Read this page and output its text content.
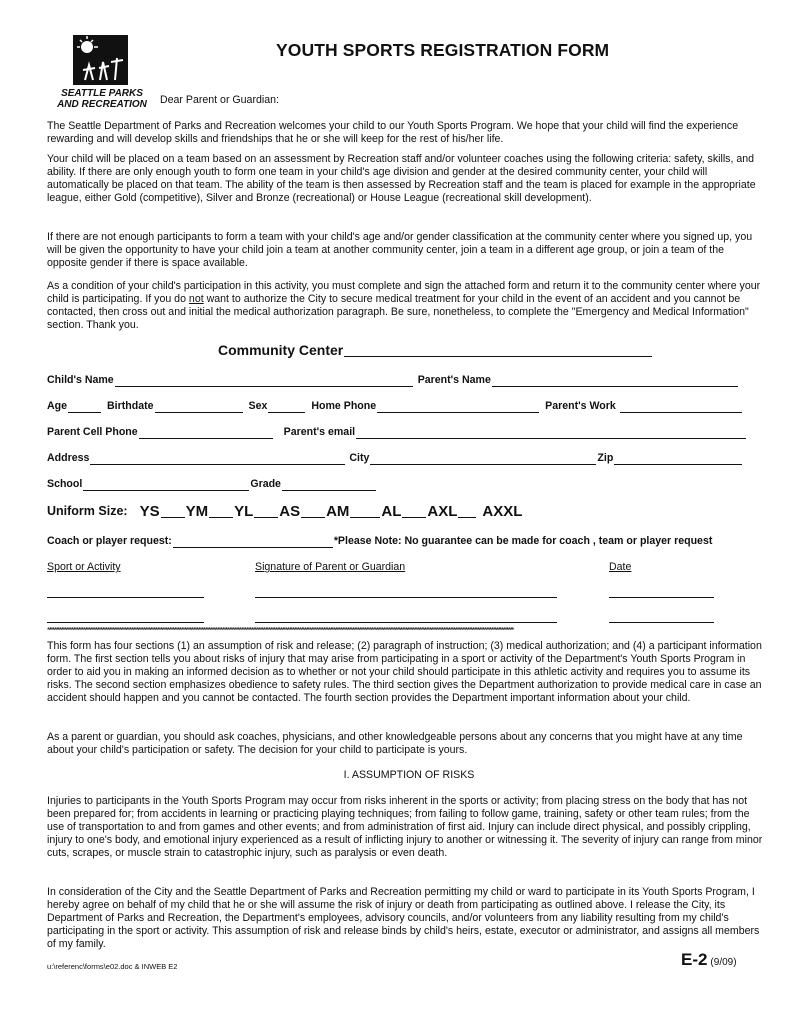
SEATTLE PARKS
AND RECREATION
YOUTH SPORTS REGISTRATION FORM
Dear Parent or Guardian:
The Seattle Department of Parks and Recreation welcomes your child to our Youth Sports Program. We hope that your child will find the experience rewarding and will develop skills and friendships that he or she will keep for the rest of his/her life.
Your child will be placed on a team based on an assessment by Recreation staff and/or volunteer coaches using the following criteria: safety, skills, and ability. If there are only enough youth to form one team in your child's age division and gender at the desired community center, your child will automatically be placed on that team. The ability of the team is then assessed by Recreation staff and the team is placed for example in the appropriate league, either Gold (competitive), Silver and Bronze (recreational) or House League (recreational skill development).
If there are not enough participants to form a team with your child's age and/or gender classification at the community center where you signed up, you will be given the opportunity to have your child join a team at another community center, join a team in a different age group, or join a team of the opposite gender if there is space available.
As a condition of your child's participation in this activity, you must complete and sign the attached form and return it to the community center where your child is participating. If you do not want to authorize the City to secure medical treatment for your child in the event of an accident and you cannot be contacted, then cross out and initial the medical authorization paragraph. Be sure, nonetheless, to complete the "Emergency and Medical Information" section. Thank you.
Community Center
Child's Name	Parent's Name
Age	Birthdate	Sex	Home Phone	Parent's Work
Parent Cell Phone	Parent's email
Address	City	Zip
School	Grade
Uniform Size: YS YM YL AS AM AL AXL AXXL
Coach or player request:	*Please Note: No guarantee can be made for coach , team or player request
Sport or Activity	Signature of Parent or Guardian	Date
********************************************************************************************************************************************************************************************************************************************************************************
This form has four sections (1) an assumption of risk and release; (2) paragraph of instruction; (3) medical authorization; and (4) a participant information form. The first section tells you about risks of injury that may arise from participating in a sport or activity of the Department's Youth Sports Program in order to aid you in making an informed decision as to whether or not your child should participate in this athletic activity and requires you to assume its risks. The second section emphasizes obedience to safety rules. The third section gives the Department authorization to provide medical care in case an accident should happen and you cannot be contacted. The fourth section provides the Department important information about your child.
As a parent or guardian, you should ask coaches, physicians, and other knowledgeable persons about any concerns that you might have at any time about your child's participation or safety. The decision for your child to participate is yours.
I. ASSUMPTION OF RISKS
Injuries to participants in the Youth Sports Program may occur from risks inherent in the sports or activity; from placing stress on the body that has not been prepared for; from accidents in learning or practicing playing techniques; from failing to follow game, training, safety or other team rules; from the use of transportation to and from games and other events; and from administration of first aid. Injury can include direct physical, and possibly crippling, injury to one's body, and emotional injury experienced as a result of inflicting injury to another or witnessing it. The severity of injury can range from minor cuts, scrapes, or muscle strain to catastrophic injury, such as paralysis or even death.
In consideration of the City and the Seattle Department of Parks and Recreation permitting my child or ward to participate in its Youth Sports Program, I hereby agree on behalf of my child that he or she will assume the risk of injury or death from participating as outlined above. I release the City, its Department of Parks and Recreation, the Department's employees, advisory councils, and/or volunteers from any liability resulting from my child's participating in the sport or activity. This assumption of risk and release binds by child's heirs, estate, executor or administrator, and assigns all members of my family.
u:\referenc\forms\e02.doc & INWEB E2	E-2 (9/09)
